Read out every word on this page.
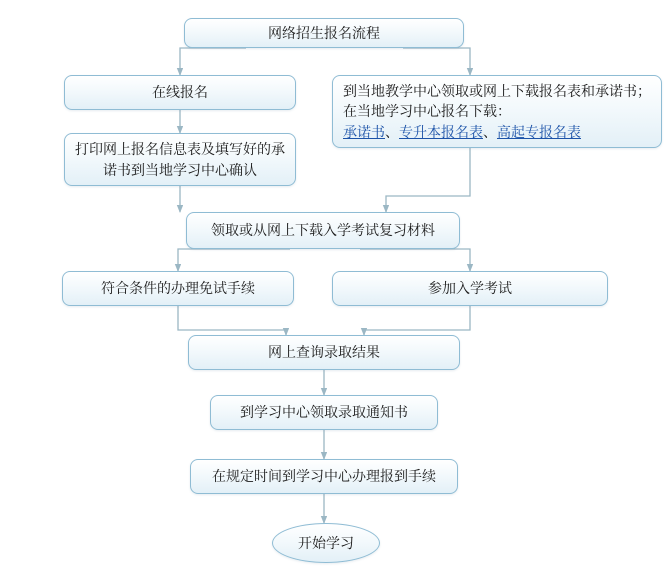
网络招生报名流程
在线报名
打印网上报名信息表及填写好的承诺书到当地学习中心确认
到当地教学中心领取或网上下载报名表和承诺书；
在当地学习中心报名下载：
承诺书、专升本报名表、高起专报名表
领取或从网上下载入学考试复习材料
符合条件的办理免试手续	参加入学考试
网上查询录取结果
到学习中心领取录取通知书
在规定时间到学习中心办理报到手续
开始学习
